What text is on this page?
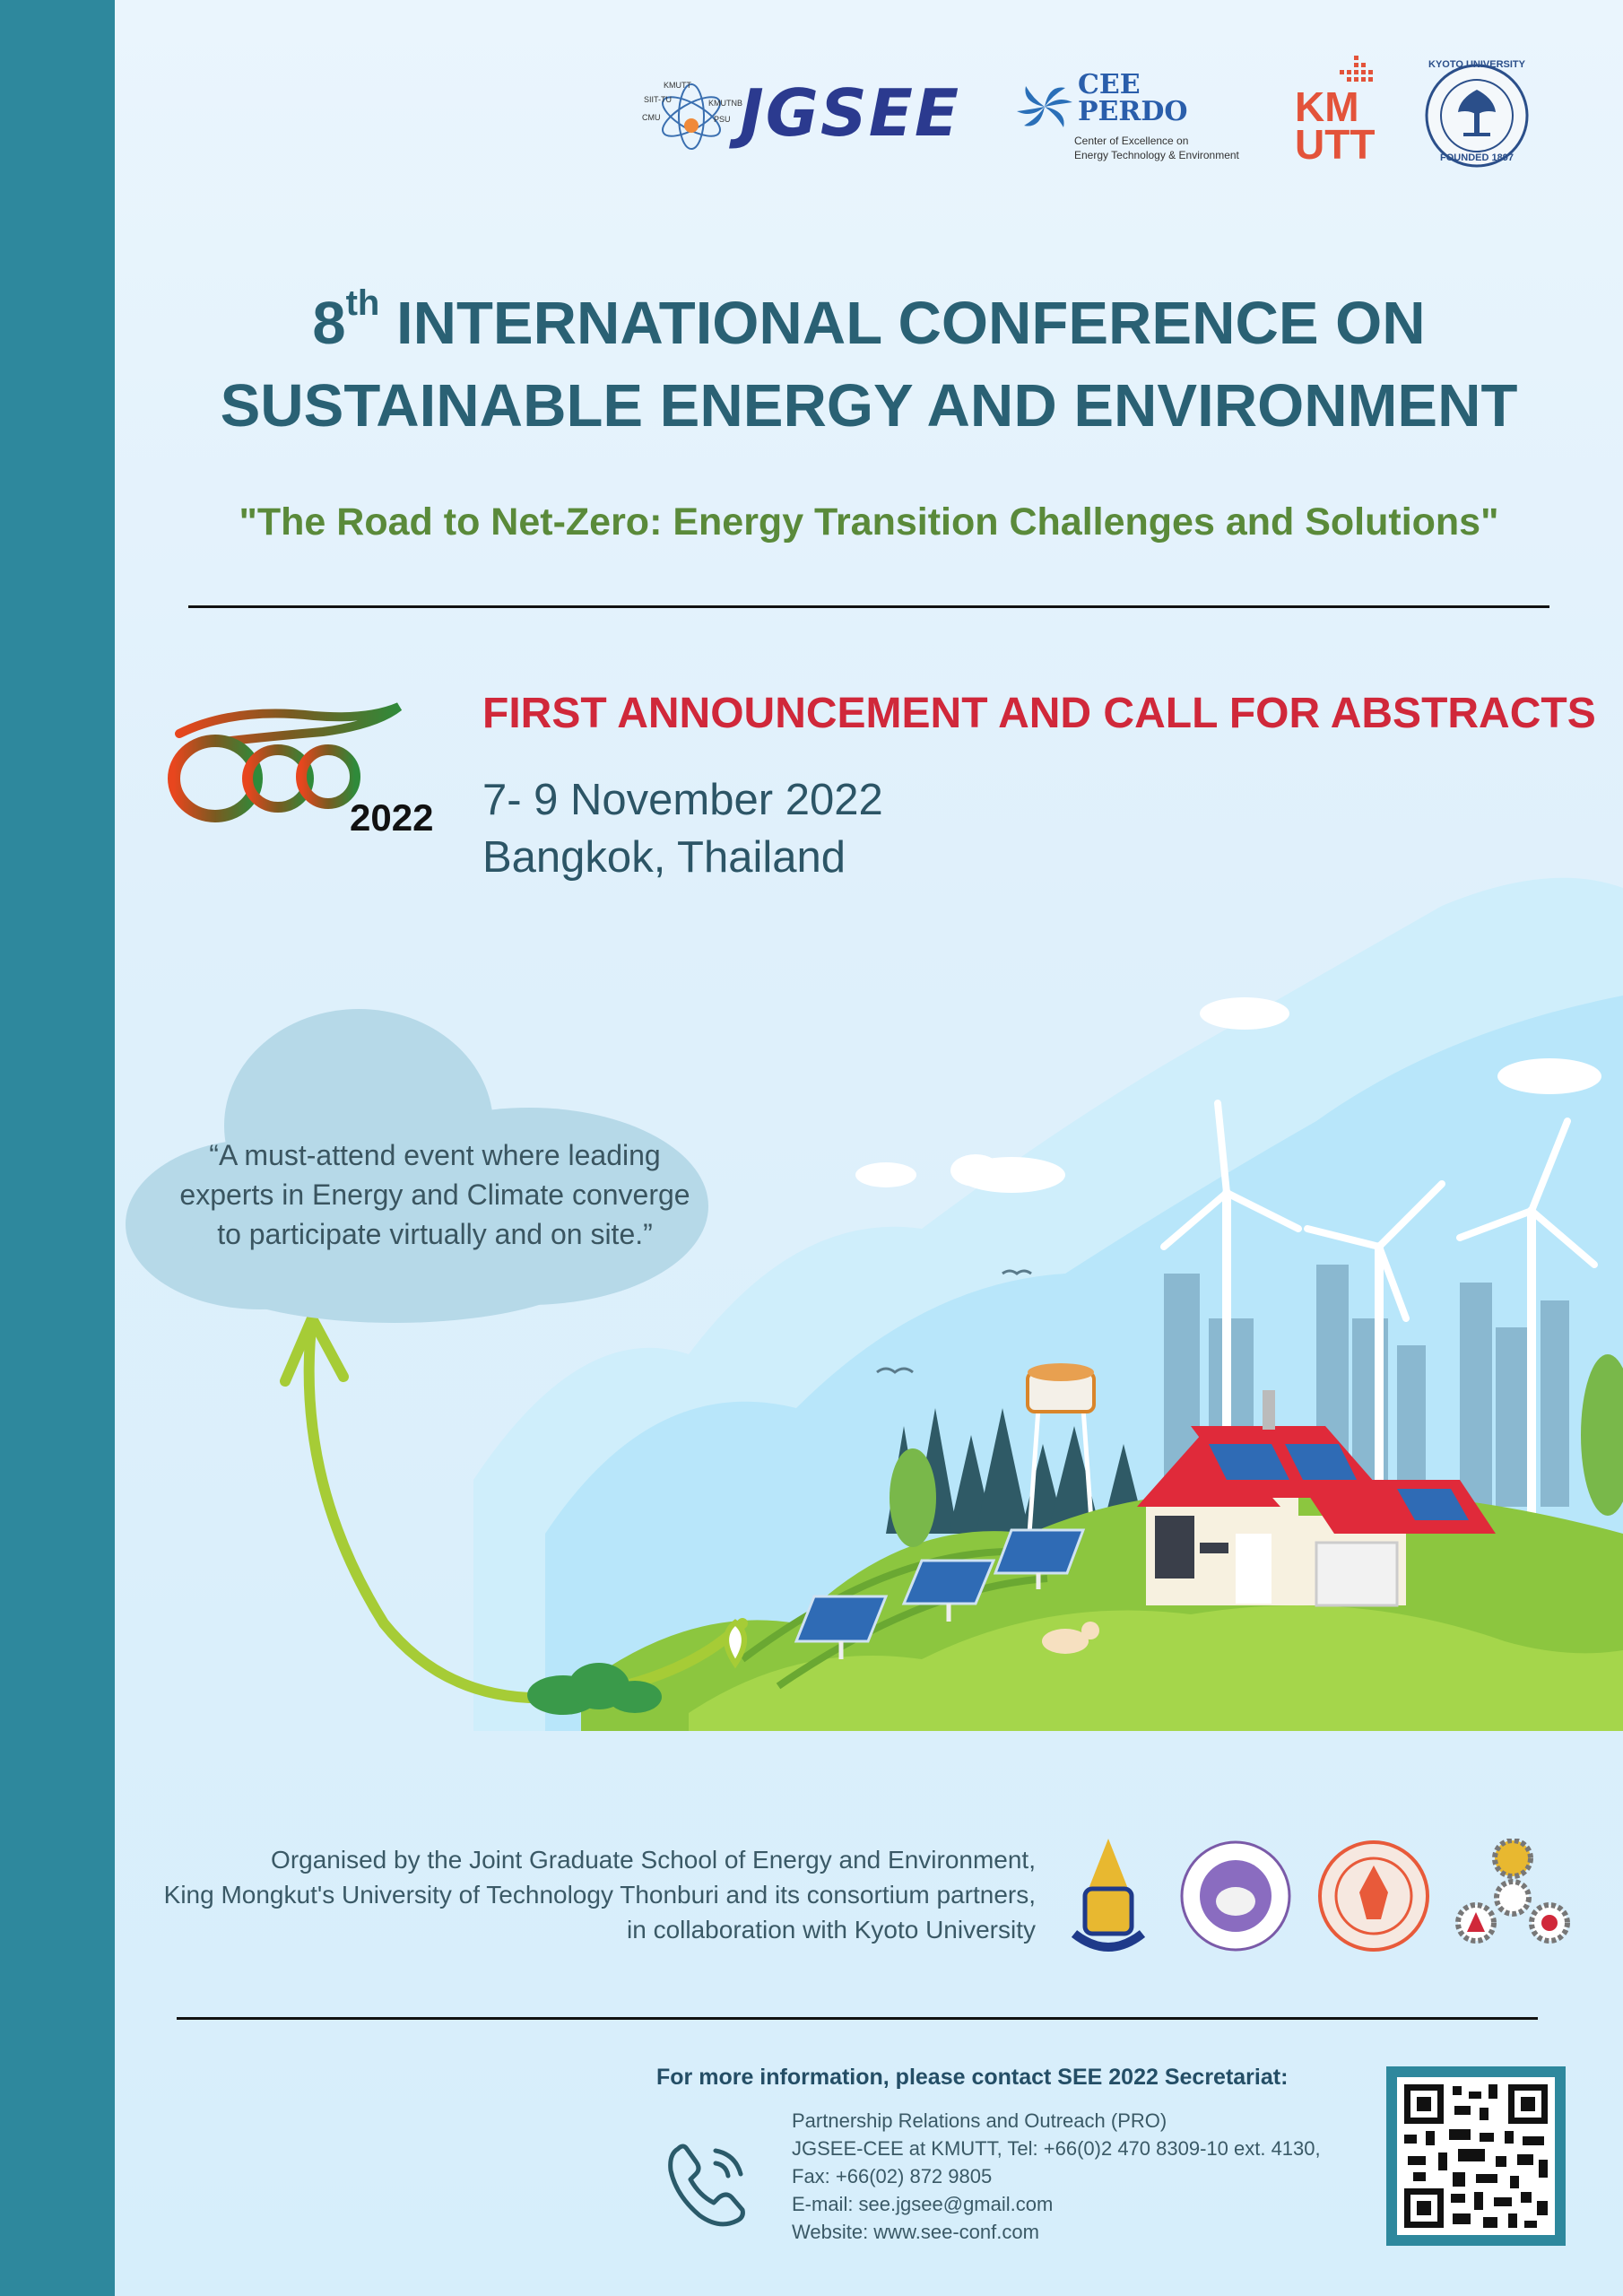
KMUTT
SIIT-TU	KMUTNB
CMU	PSU JGSEE	CEE
PERDO
Center of Excellence on
Energy Technology & Environment
KM
UTT
KYOTO UNIVERSITY
FOUNDED 1897
8th INTERNATIONAL CONFERENCE ON
SUSTAINABLE ENERGY AND ENVIRONMENT
"The Road to Net-Zero: Energy Transition Challenges and Solutions"
2022
FIRST ANNOUNCEMENT AND CALL FOR ABSTRACTS
7- 9 November 2022
Bangkok, Thailand
“A must-attend event where leading
experts in Energy and Climate converge
to participate virtually and on site.”
Organised by the Joint Graduate School of Energy and Environment,
King Mongkut's University of Technology Thonburi and its consortium partners,
in collaboration with Kyoto University
For more information, please contact SEE 2022 Secretariat:
Partnership Relations and Outreach (PRO)
JGSEE-CEE at KMUTT, Tel: +66(0)2 470 8309-10 ext. 4130,
Fax: +66(02) 872 9805
E-mail: see.jgsee@gmail.com
Website: www.see-conf.com
